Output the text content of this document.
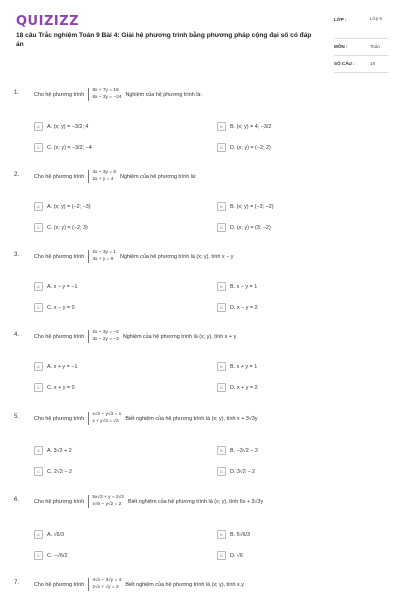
QUIZIZZ
18 câu Trắc nghiệm Toán 9 Bài 4: Giải hệ phương trình bằng phương pháp cộng đại số có đáp án
LỚP :	Lớp 9
MÔN :	Toán
SỐ CÂU :	18
1.	Cho hệ phương trình
8x + 7y = 16
8x − 3y = −24 Nghiệm của hệ phương trình là:
A	A. (x; y) = −3/2; 4	B	B. (x; y) = 4; −3/2
C	C. (x; y) = −3/2; −4	D	D. (x; y) = (−2; 2)
2.	Cho hệ phương trình
4x + 3y = 6
2x + y = 4	Nghiệm của hệ phương trình là:
A	A. (x; y) = (−2; −3)	B	B. (x; y) = (−3; −2)
C	C. (x; y) = (−2; 3)	D	D. (x; y) = (3; −2)
3.	Cho hệ phương trình
2x − 3y = 1
4x + y = 9	Nghiệm của hệ phương trình là (x; y), tính x − y
A	A. x − y = −1	B	B. x − y = 1
C	C. x − y = 0	D	D. x − y = 2
4.	Cho hệ phương trình
2x + 3y = −2
3x − 2y = −3 Nghiệm của hệ phương trình là (x; y), tính x + y
A	A. x + y = −1	B	B. x + y = 1
C	C. x + y = 0	D	D. x + y = 2
5.	Cho hệ phương trình
x√2 − y√3 = 1
x + y√3 = √2	Biết nghiệm của hệ phương trình là (x; y), tính x + 3√3y
A	A. 3√2 + 2	B	B. −3√2 − 2
C	C. 2√2 − 2	D	D. 3√2 − 2
6.	Cho hệ phương trình
5x√3 + y = 2√2
x√6 − y√2 = 2	Biết nghiệm của hệ phương trình là (x; y), tính 6x + 3√3y
A	A. √6/3	B	B. 5√6/3
C	C. −√6/2	D	D. √6
7.	Cho hệ phương trình
4√x − 3√y = 4
2√x + √y = 2	Biết nghiệm của hệ phương trình là (x; y), tính x.y
